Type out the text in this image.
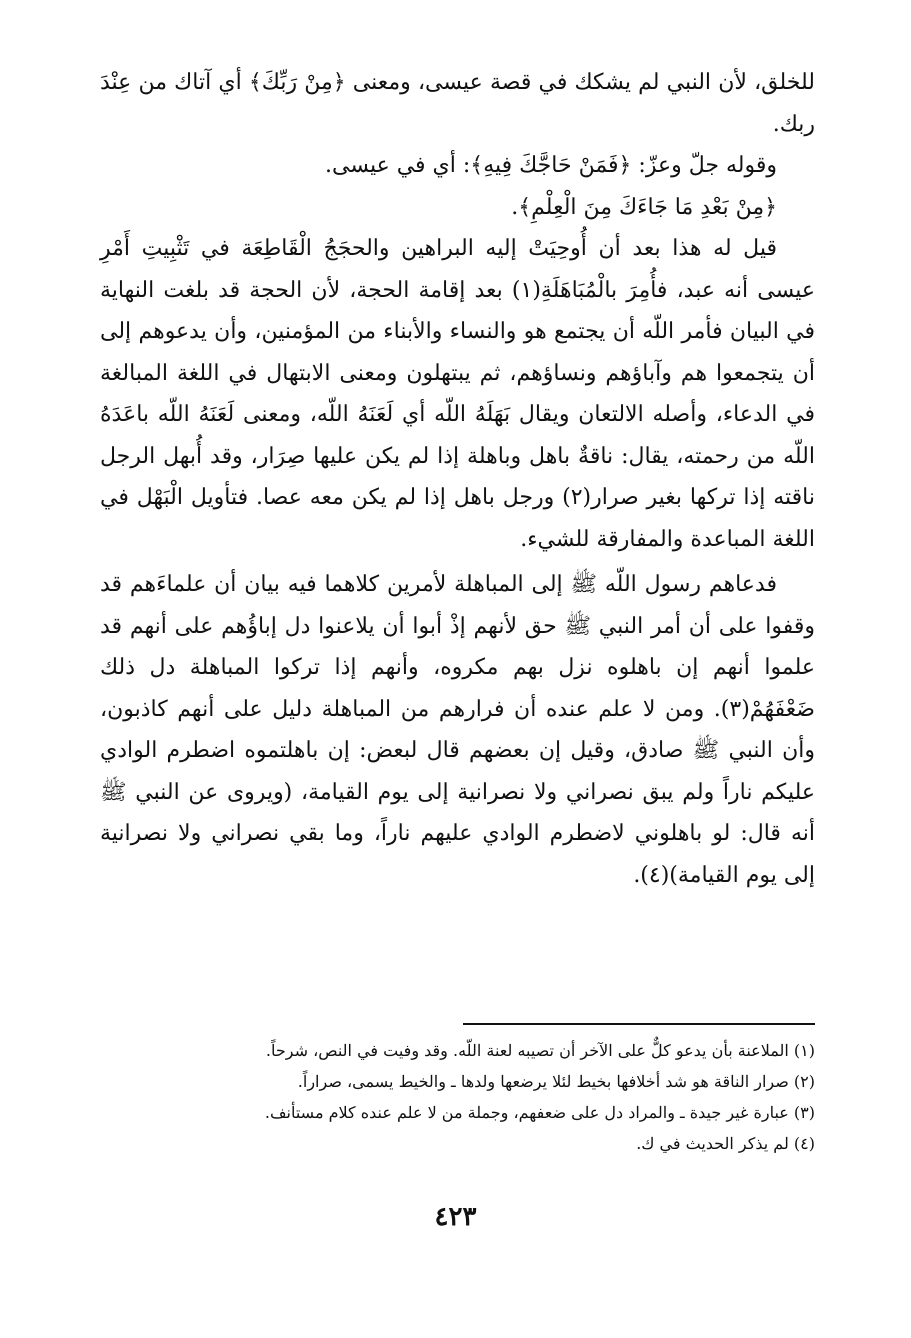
للخلق، لأن النبي لم يشكك في قصة عيسى، ومعنى ﴿مِنْ رَبِّكَ﴾ أي آتاك من عِنْدَ ربك.

وقوله جلّ وعزّ: ﴿فَمَنْ حَاجَّكَ فِيهِ﴾: أي في عيسى.

﴿مِنْ بَعْدِ مَا جَاءَكَ مِنَ الْعِلْمِ﴾.

قيل له هذا بعد أن أُوحِيَتْ إليه البراهين والحجَجُ الْقَاطِعَة في تَثْبِيتِ أَمْرِ عيسى أنه عبد، فأُمِرَ بالْمُبَاهَلَةِ(١) بعد إقامة الحجة، لأن الحجة قد بلغت النهاية في البيان فأمر اللّه أن يجتمع هو والنساء والأبناء من المؤمنين، وأن يدعوهم إلى أن يتجمعوا هم وآباؤهم ونساؤهم، ثم يبتهلون ومعنى الابتهال في اللغة المبالغة في الدعاء، وأصله الالتعان ويقال بَهَلَهُ اللّه أي لَعَنَهُ اللّه، ومعنى لَعَنَهُ اللّه باعَدَهُ اللّه من رحمته، يقال: ناقةٌ باهل وباهلة إذا لم يكن عليها صِرَار، وقد أُبهل الرجل ناقته إذا تركها بغير صرار(٢) ورجل باهل إذا لم يكن معه عصا. فتأويل الْبَهْل في اللغة المباعدة والمفارقة للشيء.

فدعاهم رسول اللّه ﷺ إلى المباهلة لأمرين كلاهما فيه بيان أن علماءَهم قد وقفوا على أن أمر النبي ﷺ حق لأنهم إذْ أبوا أن يلاعنوا دل إباؤُهم على أنهم قد علموا أنهم إن باهلوه نزل بهم مكروه، وأنهم إذا تركوا المباهلة دل ذلك ضَعْفَهُمْ(٣). ومن لا علم عنده أن فرارهم من المباهلة دليل على أنهم كاذبون، وأن النبي ﷺ صادق، وقيل إن بعضهم قال لبعض: إن باهلتموه اضطرم الوادي عليكم ناراً ولم يبق نصراني ولا نصرانية إلى يوم القيامة، (ويروى عن النبي ﷺ أنه قال: لو باهلوني لاضطرم الوادي عليهم ناراً، وما بقي نصراني ولا نصرانية إلى يوم القيامة)(٤).

(١) الملاعنة بأن يدعو كلٌّ على الآخر أن تصيبه لعنة اللّه. وقد وفيت في النص، شرحاً.

(٢) صرار الناقة هو شد أخلافها بخيط لئلا يرضعها ولدها ـ والخيط يسمى، صراراً.

(٣) عبارة غير جيدة ـ والمراد دل على ضعفهم، وجملة من لا علم عنده كلام مستأنف.

(٤) لم يذكر الحديث في ك.

٤٢٣
